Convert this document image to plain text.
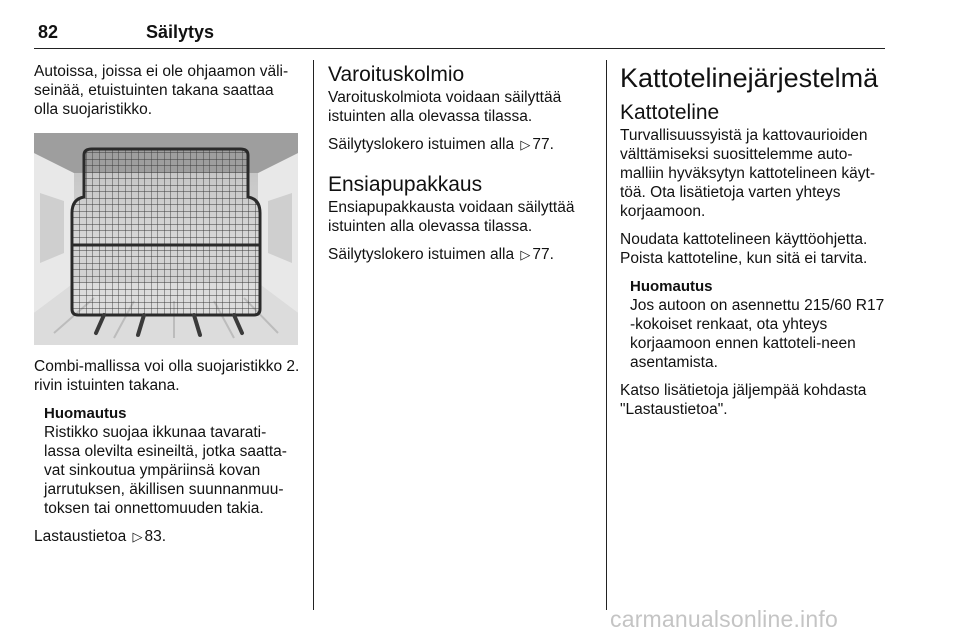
82	Säilytys

Autoissa, joissa ei ole ohjaamon väli-seinää, etuistuinten takana saattaa olla suojaristikko.

Combi-mallissa voi olla suojaristikko 2. rivin istuinten takana.

Huomautus

Ristikko suojaa ikkunaa tavarati-lassa olevilta esineiltä, jotka saatta-vat sinkoutua ympäriinsä kovan jarrutuksen, äkillisen suunnanmuu-toksen tai onnettomuuden takia.

Lastaustietoa ▷ 83.

Varoituskolmio

Varoituskolmiota voidaan säilyttää istuinten alla olevassa tilassa.

Säilytyslokero istuimen alla ▷ 77.

Ensiapupakkaus

Ensiapupakkausta voidaan säilyttää istuinten alla olevassa tilassa.

Säilytyslokero istuimen alla ▷ 77.

Kattotelinejärjestelmä
Kattoteline

Turvallisuussyistä ja kattovaurioiden välttämiseksi suosittelemme auto-malliin hyväksytyn kattotelineen käyt-töä. Ota lisätietoja varten yhteys korjaamoon.

Noudata kattotelineen käyttöohjetta. Poista kattoteline, kun sitä ei tarvita.

Huomautus

Jos autoon on asennettu 215/60 R17 -kokoiset renkaat, ota yhteys korjaamoon ennen kattoteli-neen asentamista.

Katso lisätietoja jäljempää kohdasta "Lastaustietoa".

carmanualsonline.info
